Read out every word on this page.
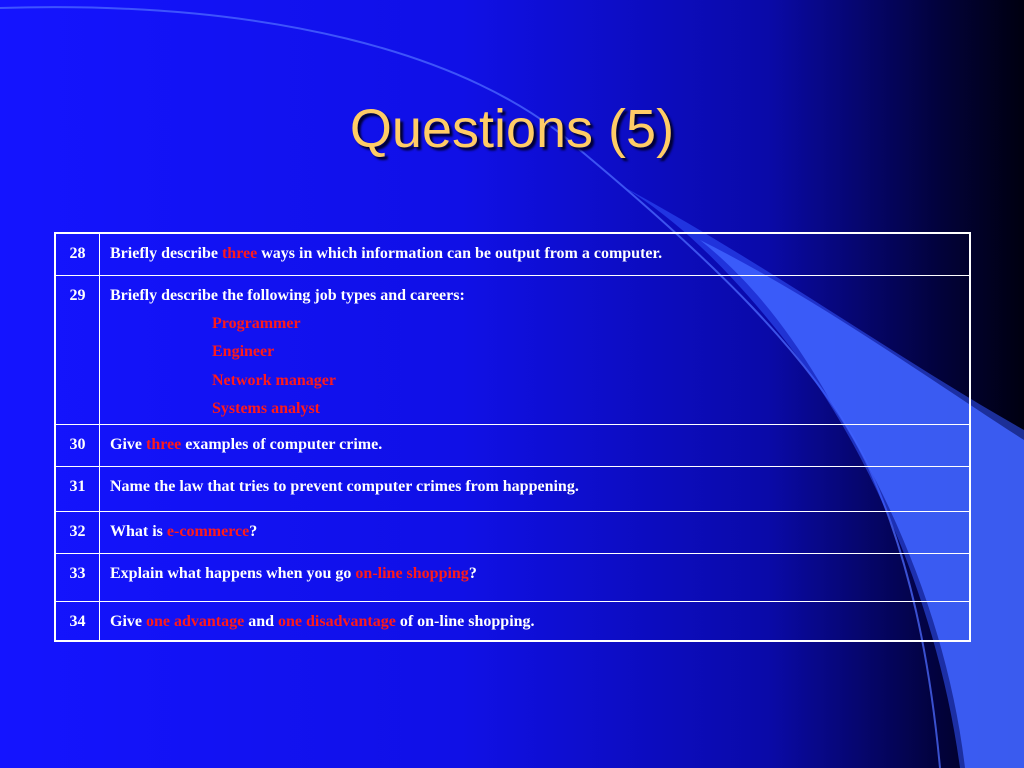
Questions (5)
28	Briefly describe three ways in which information can be output from a computer.
29	Briefly describe the following job types and careers:
Programmer
Engineer
Network manager
Systems analyst

30	Give three examples of computer crime.
31	Name the law that tries to prevent computer crimes from happening.
32	What is e-commerce?
33	Explain what happens when you go on-line shopping?
34	Give one advantage and one disadvantage of on-line shopping.
